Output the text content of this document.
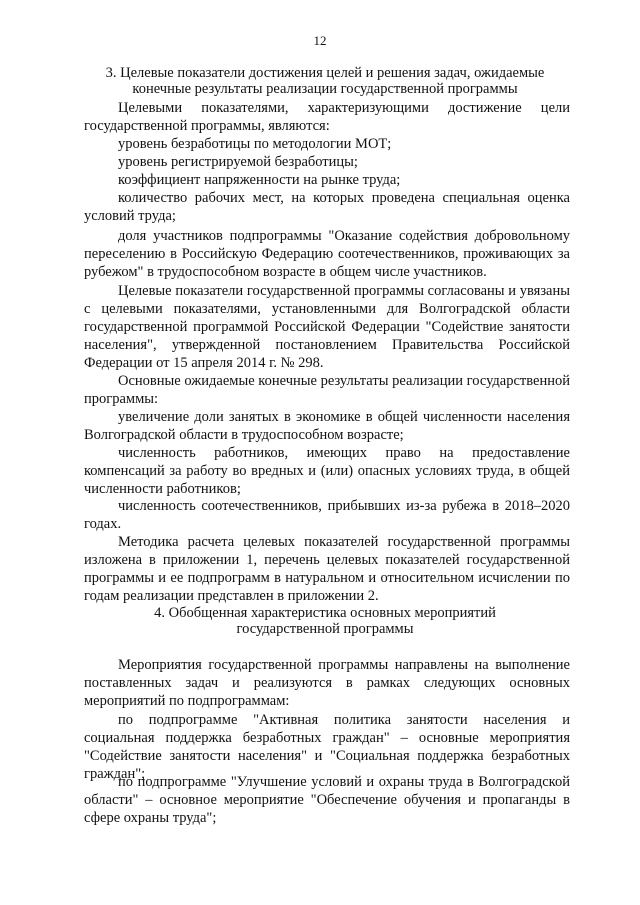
12
3. Целевые показатели достижения целей и решения задач, ожидаемые
конечные результаты реализации государственной программы

Целевыми показателями, характеризующими достижение цели государственной программы, являются:

уровень безработицы по методологии МОТ;

уровень регистрируемой безработицы;

коэффициент напряженности на рынке труда;

количество рабочих мест, на которых проведена специальная оценка условий труда;

доля участников подпрограммы "Оказание содействия добровольному переселению в Российскую Федерацию соотечественников, проживающих за рубежом" в трудоспособном возрасте в общем числе участников.

Целевые показатели государственной программы согласованы и увязаны с целевыми показателями, установленными для Волгоградской области государственной программой Российской Федерации "Содействие занятости населения", утвержденной постановлением Правительства Российской Федерации от 15 апреля 2014 г. № 298.

Основные ожидаемые конечные результаты реализации государственной программы:

увеличение доли занятых в экономике в общей численности населения Волгоградской области в трудоспособном возрасте;

численность работников, имеющих право на предоставление компенсаций за работу во вредных и (или) опасных условиях труда, в общей численности работников;

численность соотечественников, прибывших из-за рубежа в 2018–2020 годах.

Методика расчета целевых показателей государственной программы изложена в приложении 1, перечень целевых показателей государственной программы и ее подпрограмм в натуральном и относительном исчислении по годам реализации представлен в приложении 2.

4. Обобщенная характеристика основных мероприятий
государственной программы

Мероприятия государственной программы направлены на выполнение поставленных задач и реализуются в рамках следующих основных мероприятий по подпрограммам:

по подпрограмме "Активная политика занятости населения и социальная поддержка безработных граждан" – основные мероприятия "Содействие занятости населения" и "Социальная поддержка безработных граждан";

по подпрограмме "Улучшение условий и охраны труда в Волгоградской области" – основное мероприятие "Обеспечение обучения и пропаганды в сфере охраны труда";
